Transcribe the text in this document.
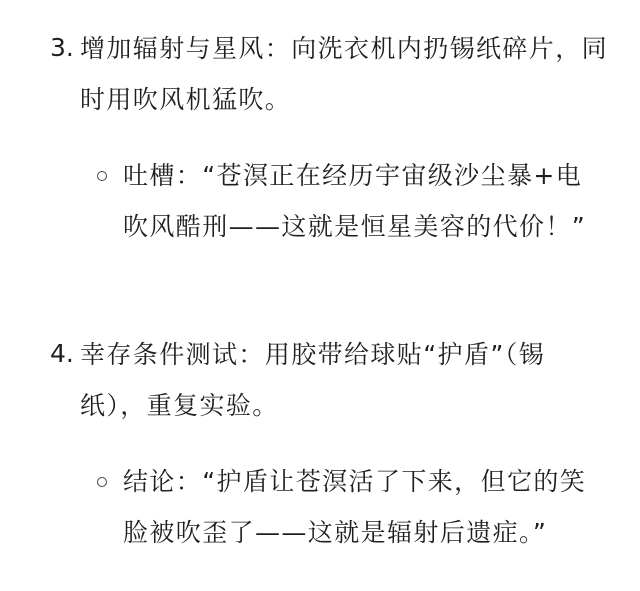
3. 增加辐射与星风：向洗衣机内扔锡纸碎片，同时用吹风机猛吹。
吐槽：“苍溟正在经历宇宙级沙尘暴+电吹风酷刑——这就是恒星美容的代价！”
4. 幸存条件测试：用胶带给球贴“护盾”（锡纸），重复实验。
结论：“护盾让苍溟活了下来，但它的笑脸被吹歪了——这就是辐射后遗症。”
